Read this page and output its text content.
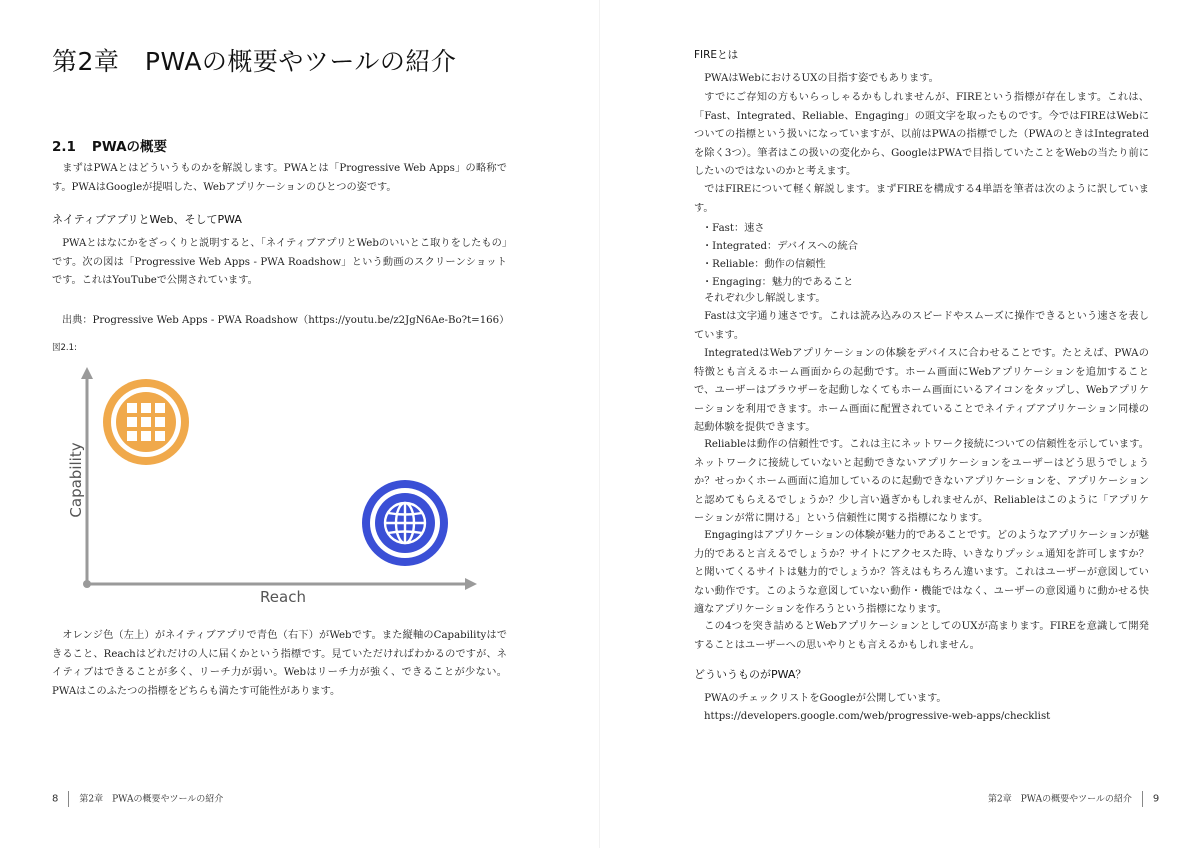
第2章　PWAの概要やツールの紹介
2.1 PWAの概要

まずはPWAとはどういうものかを解説します。PWAとは「Progressive Web Apps」の略称です。PWAはGoogleが提唱した、Webアプリケーションのひとつの姿です。

ネイティブアプリとWeb、そしてPWA

PWAとはなにかをざっくりと説明すると、「ネイティブアプリとWebのいいとこ取りをしたもの」です。次の図は「Progressive Web Apps - PWA Roadshow」という動画のスクリーンショットです。これはYouTubeで公開されています。

出典：Progressive Web Apps - PWA Roadshow（https://youtu.be/z2JgN6Ae-Bo?t=166）
図2.1:
Capability
Reach

オレンジ色（左上）がネイティブアプリで青色（右下）がWebです。また縦軸のCapabilityはできること、Reachはどれだけの人に届くかという指標です。見ていただければわかるのですが、ネイティブはできることが多く、リーチ力が弱い。Webはリーチ力が強く、できることが少ない。PWAはこのふたつの指標をどちらも満たす可能性があります。

8 第2章　PWAの概要やツールの紹介
FIREとは

PWAはWebにおけるUXの目指す姿でもあります。

すでにご存知の方もいらっしゃるかもしれませんが、FIREという指標が存在します。これは、「Fast、Integrated、Reliable、Engaging」の頭文字を取ったものです。今ではFIREはWebについての指標という扱いになっていますが、以前はPWAの指標でした（PWAのときはIntegratedを除く3つ）。筆者はこの扱いの変化から、GoogleはPWAで目指していたことをWebの当たり前にしたいのではないのかと考えます。

ではFIREについて軽く解説します。まずFIREを構成する4単語を筆者は次のように訳しています。

・Fast：速さ
・Integrated：デバイスへの統合
・Reliable：動作の信頼性
・Engaging：魅力的であること

それぞれ少し解説します。

Fastは文字通り速さです。これは読み込みのスピードやスムーズに操作できるという速さを表しています。

IntegratedはWebアプリケーションの体験をデバイスに合わせることです。たとえば、PWAの特徴とも言えるホーム画面からの起動です。ホーム画面にWebアプリケーションを追加することで、ユーザーはブラウザーを起動しなくてもホーム画面にいるアイコンをタップし、Webアプリケーションを利用できます。ホーム画面に配置されていることでネイティブアプリケーション同様の起動体験を提供できます。

Reliableは動作の信頼性です。これは主にネットワーク接続についての信頼性を示しています。ネットワークに接続していないと起動できないアプリケーションをユーザーはどう思うでしょうか？せっかくホーム画面に追加しているのに起動できないアプリケーションを、アプリケーションと認めてもらえるでしょうか？少し言い過ぎかもしれませんが、Reliableはこのように「アプリケーションが常に開ける」という信頼性に関する指標になります。

Engagingはアプリケーションの体験が魅力的であることです。どのようなアプリケーションが魅力的であると言えるでしょうか？サイトにアクセスた時、いきなりプッシュ通知を許可しますか？と聞いてくるサイトは魅力的でしょうか？答えはもちろん違います。これはユーザーが意図していない動作です。このような意図していない動作・機能ではなく、ユーザーの意図通りに動かせる快適なアプリケーションを作ろうという指標になります。

この4つを突き詰めるとWebアプリケーションとしてのUXが高まります。FIREを意識して開発することはユーザーへの思いやりとも言えるかもしれません。

どういうものがPWA？

PWAのチェックリストをGoogleが公開しています。

https://developers.google.com/web/progressive-web-apps/checklist
第2章　PWAの概要やツールの紹介 9
